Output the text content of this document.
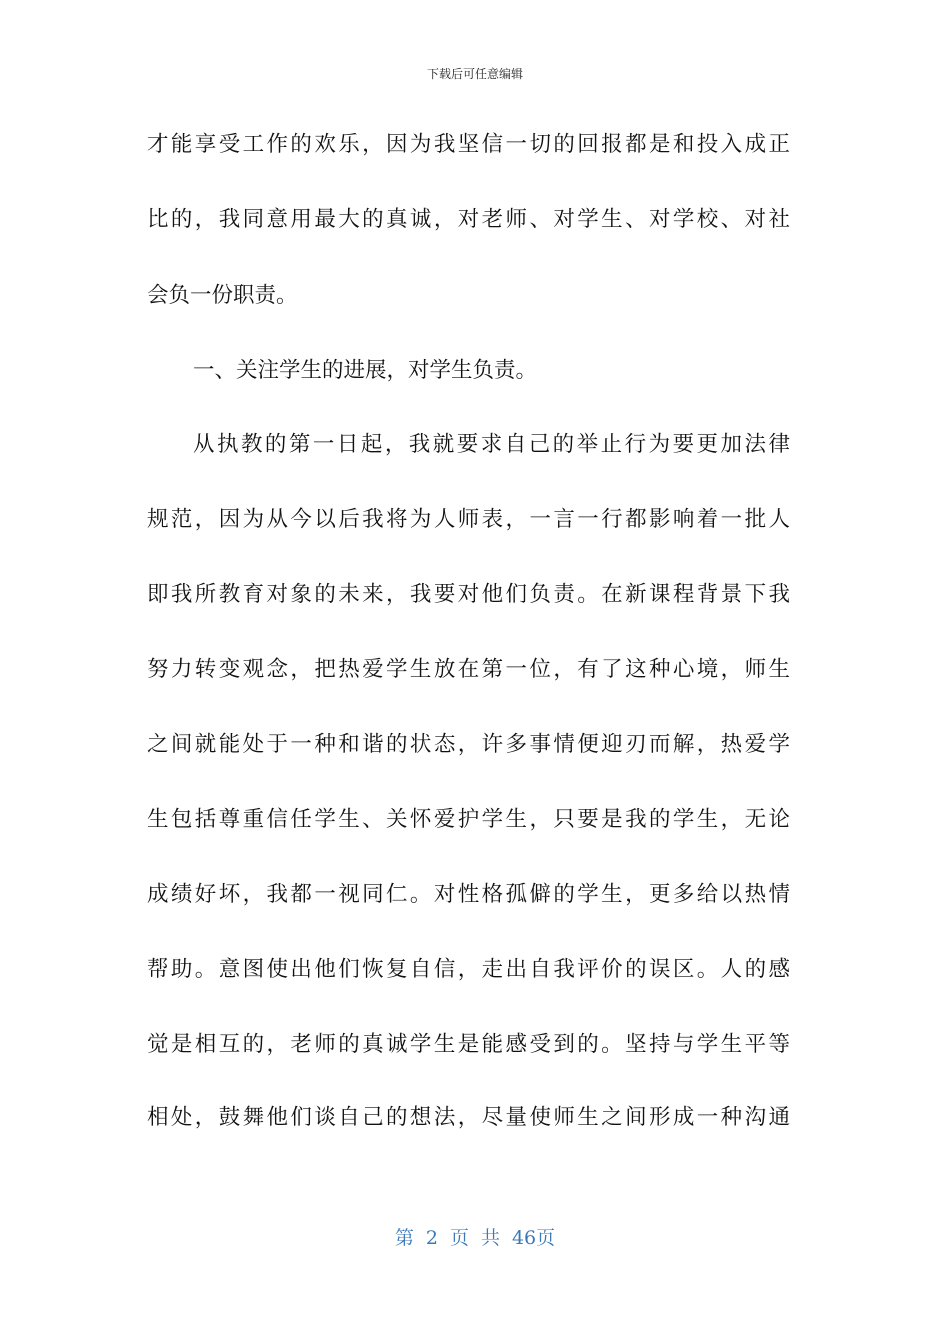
下载后可任意编辑
才能享受工作的欢乐，因为我坚信一切的回报都是和投入成正
比的，我同意用最大的真诚，对老师、对学生、对学校、对社
会负一份职责。
一、关注学生的进展，对学生负责。
从执教的第一日起，我就要求自己的举止行为要更加法律
规范，因为从今以后我将为人师表，一言一行都影响着一批人
即我所教育对象的未来，我要对他们负责。在新课程背景下我
努力转变观念，把热爱学生放在第一位，有了这种心境，师生
之间就能处于一种和谐的状态，许多事情便迎刃而解，热爱学
生包括尊重信任学生、关怀爱护学生，只要是我的学生，无论
成绩好坏，我都一视同仁。对性格孤僻的学生，更多给以热情
帮助。意图使出他们恢复自信，走出自我评价的误区。人的感
觉是相互的，老师的真诚学生是能感受到的。坚持与学生平等
相处，鼓舞他们谈自己的想法，尽量使师生之间形成一种沟通
第 2 页 共 46页
